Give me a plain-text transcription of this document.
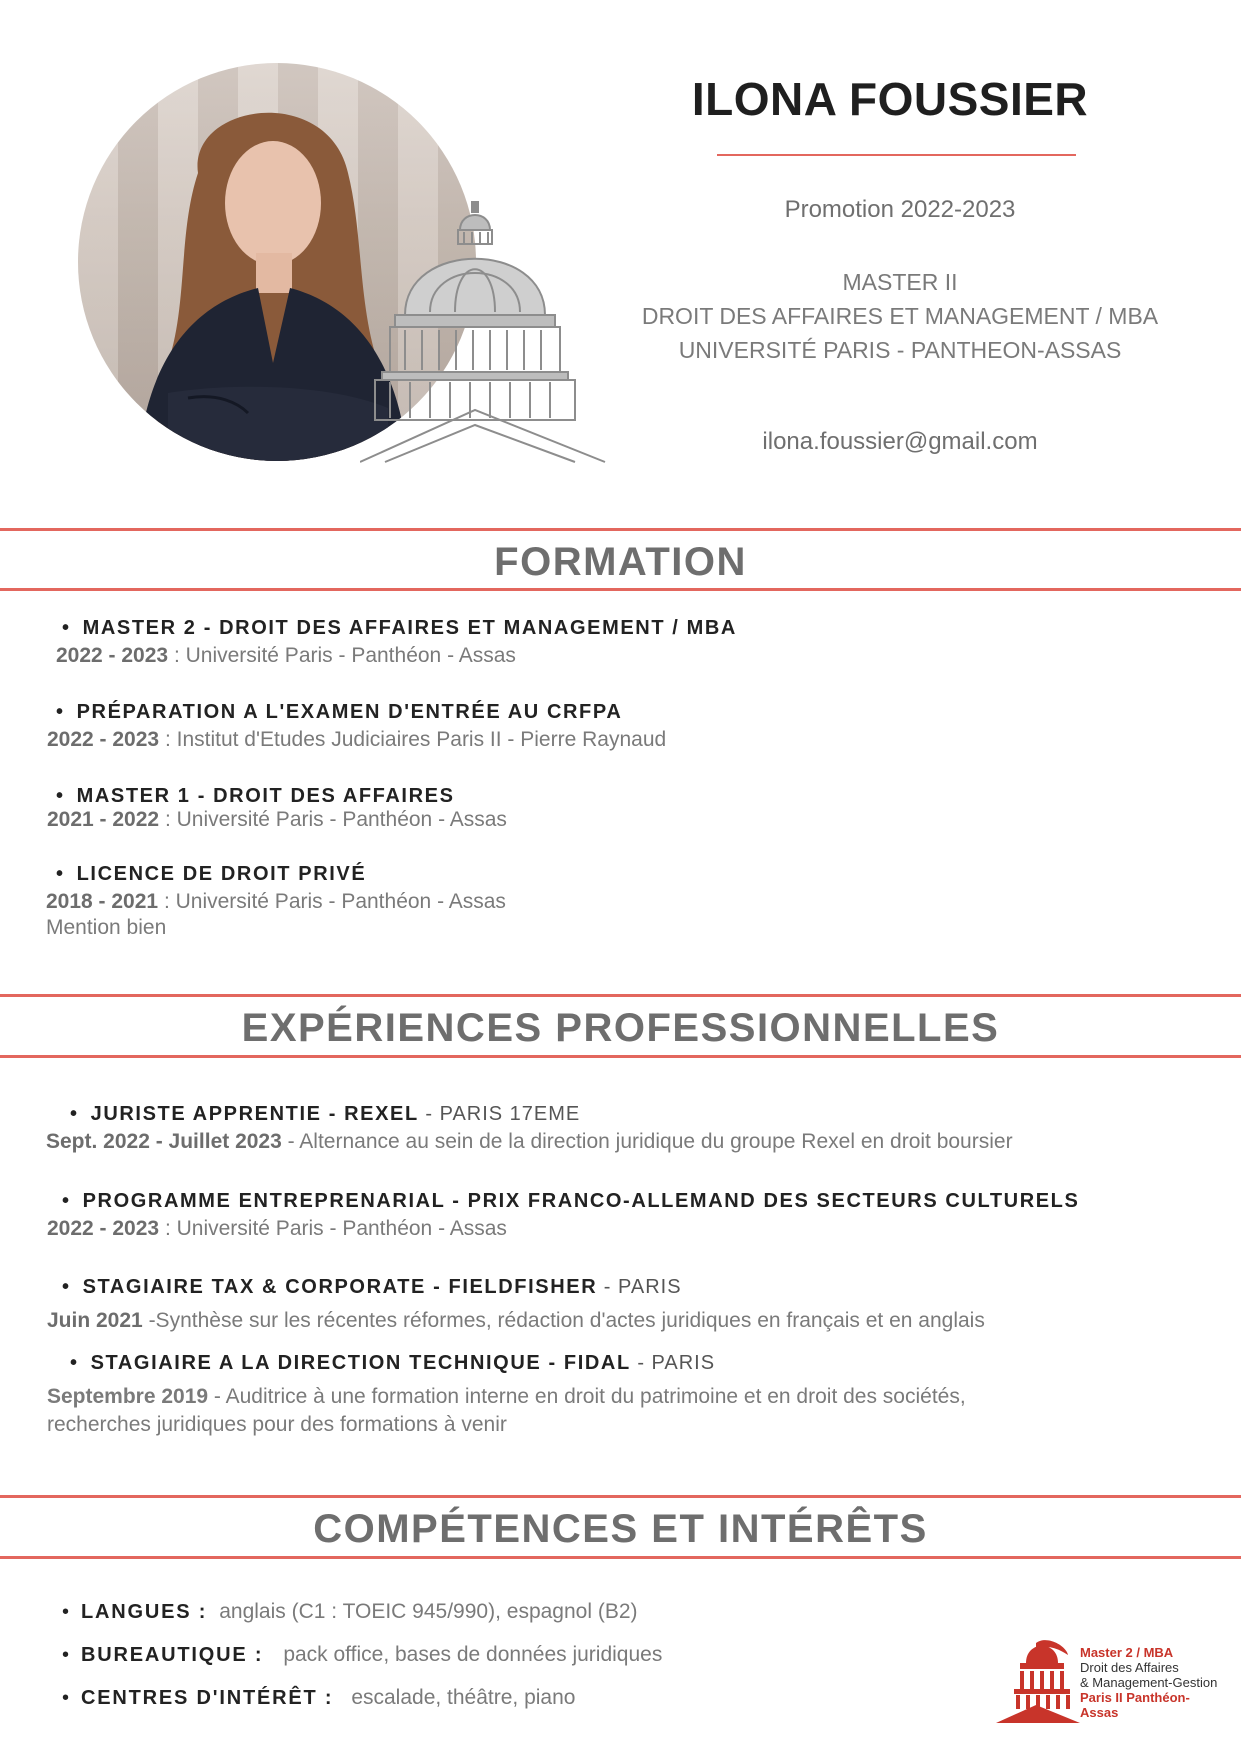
ILONA FOUSSIER
Promotion 2022-2023
MASTER II
DROIT DES AFFAIRES ET MANAGEMENT / MBA
UNIVERSITÉ PARIS - PANTHEON-ASSAS
ilona.foussier@gmail.com
FORMATION
• MASTER 2 - DROIT DES AFFAIRES ET MANAGEMENT / MBA
2022 - 2023 : Université Paris - Panthéon - Assas
• PRÉPARATION A L'EXAMEN D'ENTRÉE AU CRFPA
2022 - 2023 : Institut d'Etudes Judiciaires Paris II - Pierre Raynaud
• MASTER 1 - DROIT DES AFFAIRES
2021 - 2022 : Université Paris - Panthéon - Assas
• LICENCE DE DROIT PRIVÉ
2018 - 2021 : Université Paris - Panthéon - Assas
Mention bien
EXPÉRIENCES PROFESSIONNELLES
• JURISTE APPRENTIE - REXEL - PARIS 17EME
Sept. 2022 - Juillet 2023 - Alternance au sein de la direction juridique du groupe Rexel en droit boursier
• PROGRAMME ENTREPRENARIAL - PRIX FRANCO-ALLEMAND DES SECTEURS CULTURELS
2022 - 2023 : Université Paris - Panthéon - Assas
• STAGIAIRE TAX & CORPORATE - FIELDFISHER - PARIS
Juin 2021 -Synthèse sur les récentes réformes, rédaction d'actes juridiques en français et en anglais
• STAGIAIRE A LA DIRECTION TECHNIQUE - FIDAL - PARIS
Septembre 2019 - Auditrice à une formation interne en droit du patrimoine et en droit des sociétés,
recherches juridiques pour des formations à venir
COMPÉTENCES ET INTÉRÊTS
• LANGUES : anglais (C1 : TOEIC 945/990), espagnol (B2)
• BUREAUTIQUE : pack office, bases de données juridiques
• CENTRES D'INTÉRÊT : escalade, théâtre, piano
Master 2 / MBA
Droit des Affaires
& Management-Gestion
Paris II Panthéon-Assas
